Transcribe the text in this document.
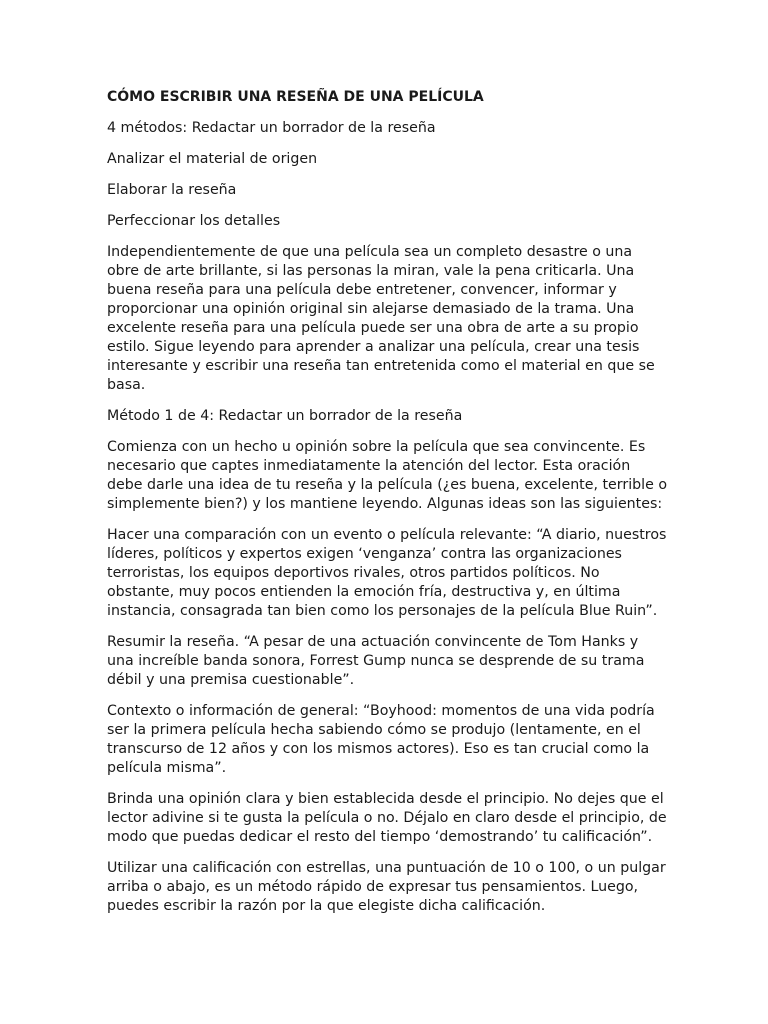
CÓMO ESCRIBIR UNA RESEÑA DE UNA PELÍCULA

4 métodos: Redactar un borrador de la reseña

Analizar el material de origen

Elaborar la reseña

Perfeccionar los detalles

Independientemente de que una película sea un completo desastre o una obre de arte brillante, si las personas la miran, vale la pena criticarla. Una buena reseña para una película debe entretener, convencer, informar y proporcionar una opinión original sin alejarse demasiado de la trama. Una excelente reseña para una película puede ser una obra de arte a su propio estilo. Sigue leyendo para aprender a analizar una película, crear una tesis interesante y escribir una reseña tan entretenida como el material en que se basa.

Método 1 de 4: Redactar un borrador de la reseña

Comienza con un hecho u opinión sobre la película que sea convincente. Es necesario que captes inmediatamente la atención del lector. Esta oración debe darle una idea de tu reseña y la película (¿es buena, excelente, terrible o simplemente bien?) y los mantiene leyendo. Algunas ideas son las siguientes:

Hacer una comparación con un evento o película relevante: “A diario, nuestros líderes, políticos y expertos exigen ‘venganza’ contra las organizaciones terroristas, los equipos deportivos rivales, otros partidos políticos. No obstante, muy pocos entienden la emoción fría, destructiva y, en última instancia, consagrada tan bien como los personajes de la película Blue Ruin”.

Resumir la reseña. “A pesar de una actuación convincente de Tom Hanks y una increíble banda sonora, Forrest Gump nunca se desprende de su trama débil y una premisa cuestionable”.

Contexto o información de general: “Boyhood: momentos de una vida podría ser la primera película hecha sabiendo cómo se produjo (lentamente, en el transcurso de 12 años y con los mismos actores). Eso es tan crucial como la película misma”.

Brinda una opinión clara y bien establecida desde el principio. No dejes que el lector adivine si te gusta la película o no. Déjalo en claro desde el principio, de modo que puedas dedicar el resto del tiempo ‘demostrando’ tu calificación”.

Utilizar una calificación con estrellas, una puntuación de 10 o 100, o un pulgar arriba o abajo, es un método rápido de expresar tus pensamientos. Luego, puedes escribir la razón por la que elegiste dicha calificación.
